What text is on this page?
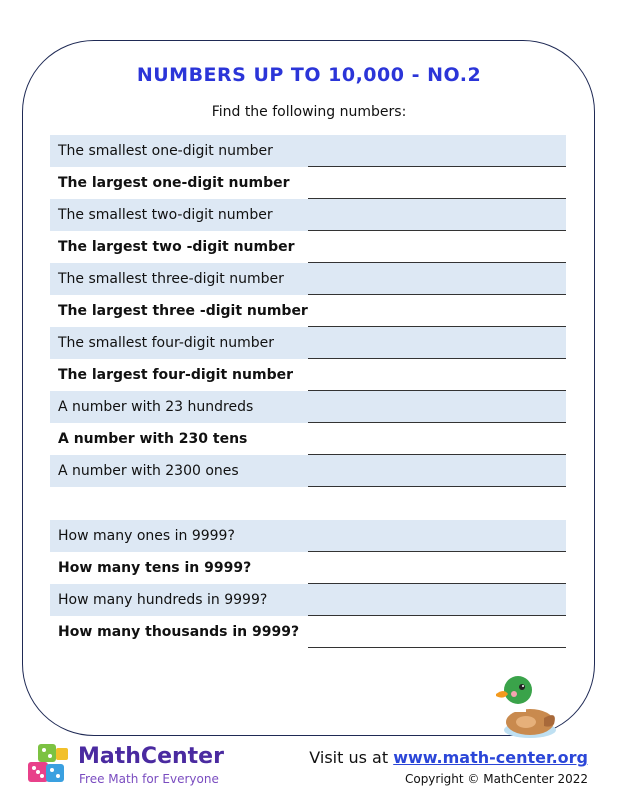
NUMBERS UP TO 10,000 - NO.2
Find the following numbers:
The smallest one-digit number
The largest one-digit number
The smallest two-digit number
The largest two -digit number
The smallest three-digit number
The largest three -digit number
The smallest four-digit number
The largest four-digit number
A number with 23 hundreds
A number with 230 tens
A number with 2300 ones
How many ones in 9999?
How many tens in 9999?
How many hundreds in 9999?
How many thousands in 9999?
MathCenter
Free Math for Everyone
Visit us at www.math-center.org
Copyright © MathCenter 2022
